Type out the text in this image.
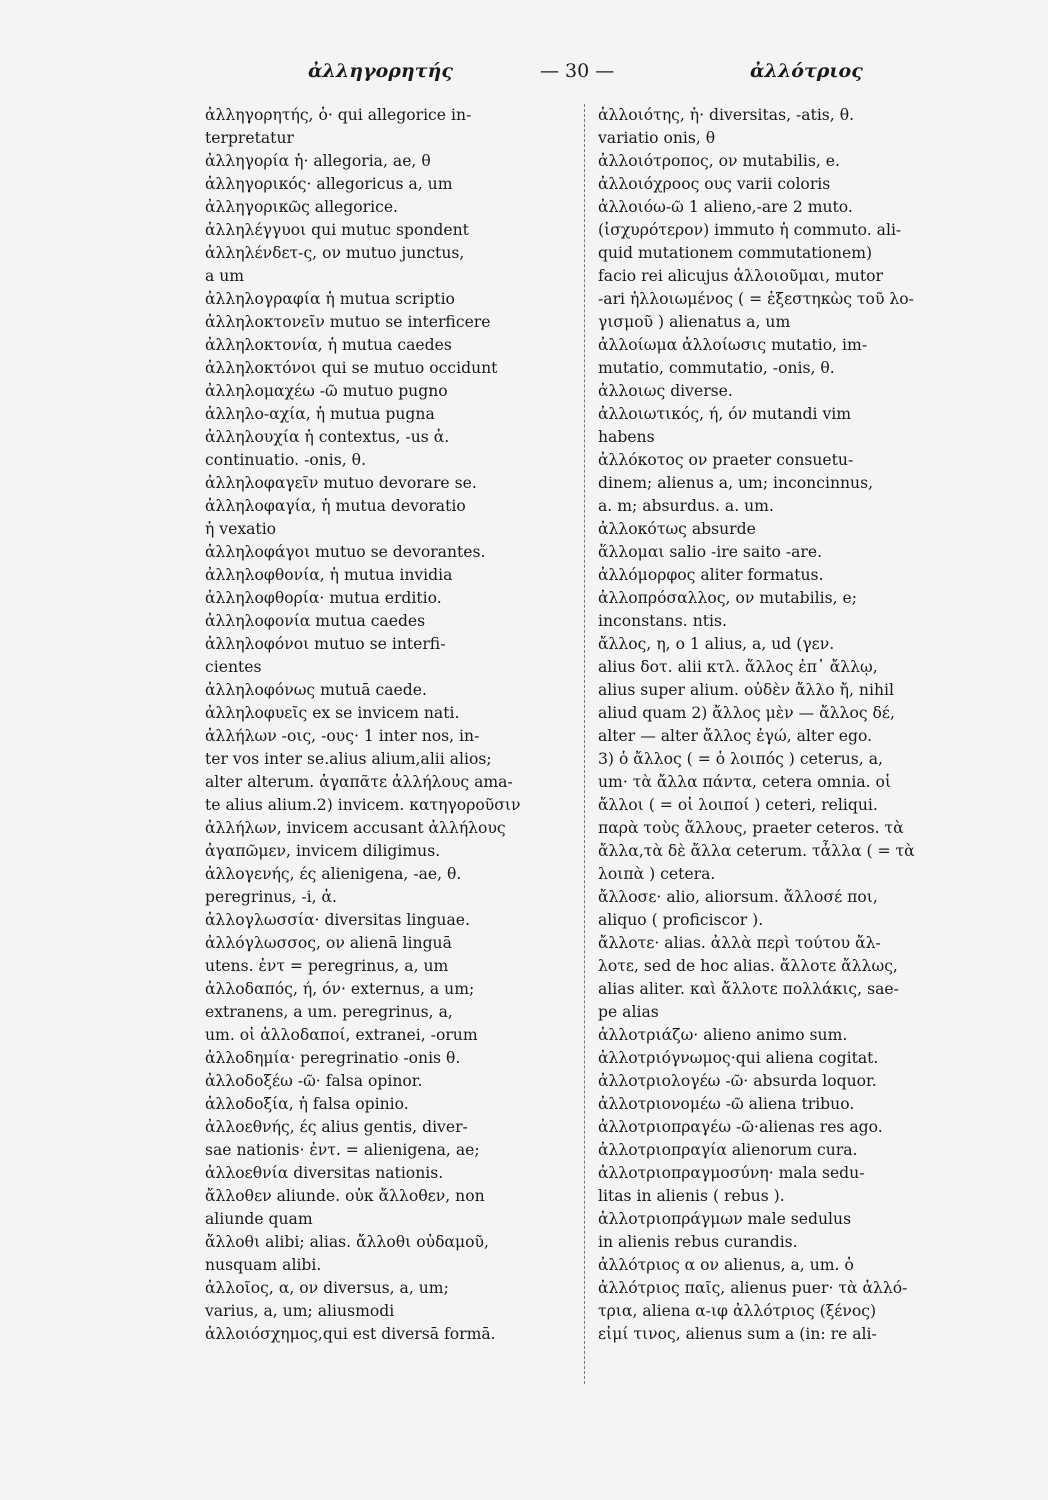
ἀλληγορητής	— 30 —	ἀλλότριος
ἀλληγορητής, ὁ· qui allegorice in-
terpretatur
ἀλληγορία ἡ· allegoria, ae, θ
ἀλληγορικός· allegoricus a, um
ἀλληγορικῶς allegorice.
ἀλληλέγγυοι qui mutuc spondent
ἀλληλένδετ-ς, ον mutuo junctus,
a um
ἀλληλογραφία ἡ mutua scriptio
ἀλληλοκτονεῖν mutuo se interficere
ἀλληλοκτονία, ἡ mutua caedes
ἀλληλοκτόνοι qui se mutuo occidunt
ἀλληλομαχέω -ῶ mutuo pugno
ἀλληλο-αχία, ἡ mutua pugna
ἀλληλουχία ἡ contextus, -us ἀ.
continuatio. -onis, θ.
ἀλληλοφαγεῖν mutuo devorare se.
ἀλληλοφαγία, ἡ mutua devoratio
ἡ vexatio
ἀλληλοφάγοι mutuo se devorantes.
ἀλληλοφθονία, ἡ mutua invidia
ἀλληλοφθορία· mutua erditio.
ἀλληλοφονία mutua caedes
ἀλληλοφόνοι mutuo se interfi-
cientes
ἀλληλοφόνως mutuā caede.
ἀλληλοφυεῖς ex se invicem nati.
ἀλλήλων -οις, -ους· 1 inter nos, in-
ter vos inter se.alius alium,alii alios;
alter alterum. ἀγαπᾶτε ἀλλήλους ama-
te alius alium.2) invicem. κατηγοροῦσιν
ἀλλήλων, invicem accusant ἀλλήλους
ἀγαπῶμεν, invicem diligimus.
ἀλλογενής, ές alienigena, -ae, θ.
peregrinus, -i, ἀ.
ἀλλογλωσσία· diversitas linguae.
ἀλλόγλωσσος, ον alienā linguā
utens. ἐντ = peregrinus, a, um
ἀλλοδαπός, ή, όν· externus, a um;
extranens, a um. peregrinus, a,
um. οἱ ἀλλοδαποί, extranei, -orum
ἀλλοδημία· peregrinatio -onis θ.
ἀλλοδοξέω -ῶ· falsa opinor.
ἀλλοδοξία, ἡ falsa opinio.
ἀλλοεθνής, ές alius gentis, diver-
sae nationis· ἐντ. = alienigena, ae;
ἀλλοεθνία diversitas nationis.
ἄλλοθεν aliunde. οὐκ ἄλλοθεν, non
aliunde quam
ἄλλοθι alibi; alias. ἄλλοθι οὐδαμοῦ,
nusquam alibi.
ἀλλοῖος, α, ον diversus, a, um;
varius, a, um; aliusmodi
ἀλλοιόσχημος,qui est diversā formā.
ἀλλοιότης, ἡ· diversitas, -atis, θ.
variatio onis, θ
ἀλλοιότροπος, ον mutabilis, e.
ἀλλοιόχροος ους varii coloris
ἀλλοιόω-ῶ 1 alieno,-are 2 muto.
(ἰσχυρότερον) immuto ἡ commuto. ali-
quid mutationem commutationem)
facio rei alicujus ἀλλοιοῦμαι, mutor
-ari ἠλλοιωμένος ( = ἐξεστηκὼς τοῦ λο-
γισμοῦ ) alienatus a, um
ἀλλοίωμα ἀλλοίωσις mutatio, im-
mutatio, commutatio, -onis, θ.
ἀλλοιως diverse.
ἀλλοιωτικός, ή, όν mutandi vim
habens
ἀλλόκοτος ον praeter consuetu-
dinem; alienus a, um; inconcinnus,
a. m; absurdus. a. um.
ἀλλοκότως absurde
ἅλλομαι salio -ire saito -are.
ἀλλόμορφος aliter formatus.
ἀλλοπρόσαλλος, ον mutabilis, e;
inconstans. ntis.
ἄλλος, η, ο 1 alius, a, ud (γεν.
alius δοτ. alii κτλ. ἄλλος ἐπ᾽ ἄλλῳ,
alius super alium. οὐδὲν ἄλλο ἤ, nihil
aliud quam 2) ἄλλος μὲν — ἄλλος δέ,
alter — alter ἄλλος ἐγώ, alter ego.
3) ὁ ἄλλος ( = ὁ λοιπός ) ceterus, a,
um· τὰ ἄλλα πάντα, cetera omnia. οἱ
ἄλλοι ( = οἱ λοιποί ) ceteri, reliqui.
παρὰ τοὺς ἄλλους, praeter ceteros. τὰ
ἄλλα,τὰ δὲ ἄλλα ceterum. τἆλλα ( = τὰ
λοιπὰ ) cetera.
ἄλλοσε· alio, aliorsum. ἄλλοσέ ποι,
aliquo ( proficiscor ).
ἄλλοτε· alias. ἀλλὰ περὶ τούτου ἄλ-
λοτε, sed de hoc alias. ἄλλοτε ἄλλως,
alias aliter. καὶ ἄλλοτε πολλάκις, sae-
pe alias
ἀλλοτριάζω· alieno animo sum.
ἀλλοτριόγνωμος·qui aliena cogitat.
ἀλλοτριολογέω -ῶ· absurda loquor.
ἀλλοτριονομέω -ῶ aliena tribuo.
ἀλλοτριοπραγέω -ῶ·alienas res ago.
ἀλλοτριοπραγία alienorum cura.
ἀλλοτριοπραγμοσύνη· mala sedu-
litas in alienis ( rebus ).
ἀλλοτριοπράγμων male sedulus
in alienis rebus curandis.
ἀλλότριος α ον alienus, a, um. ὁ
ἀλλότριος παῖς, alienus puer· τὰ ἀλλό-
τρια, aliena α-ιφ ἀλλότριος (ξένος)
εἰμί τινος, alienus sum a (in: re ali-
